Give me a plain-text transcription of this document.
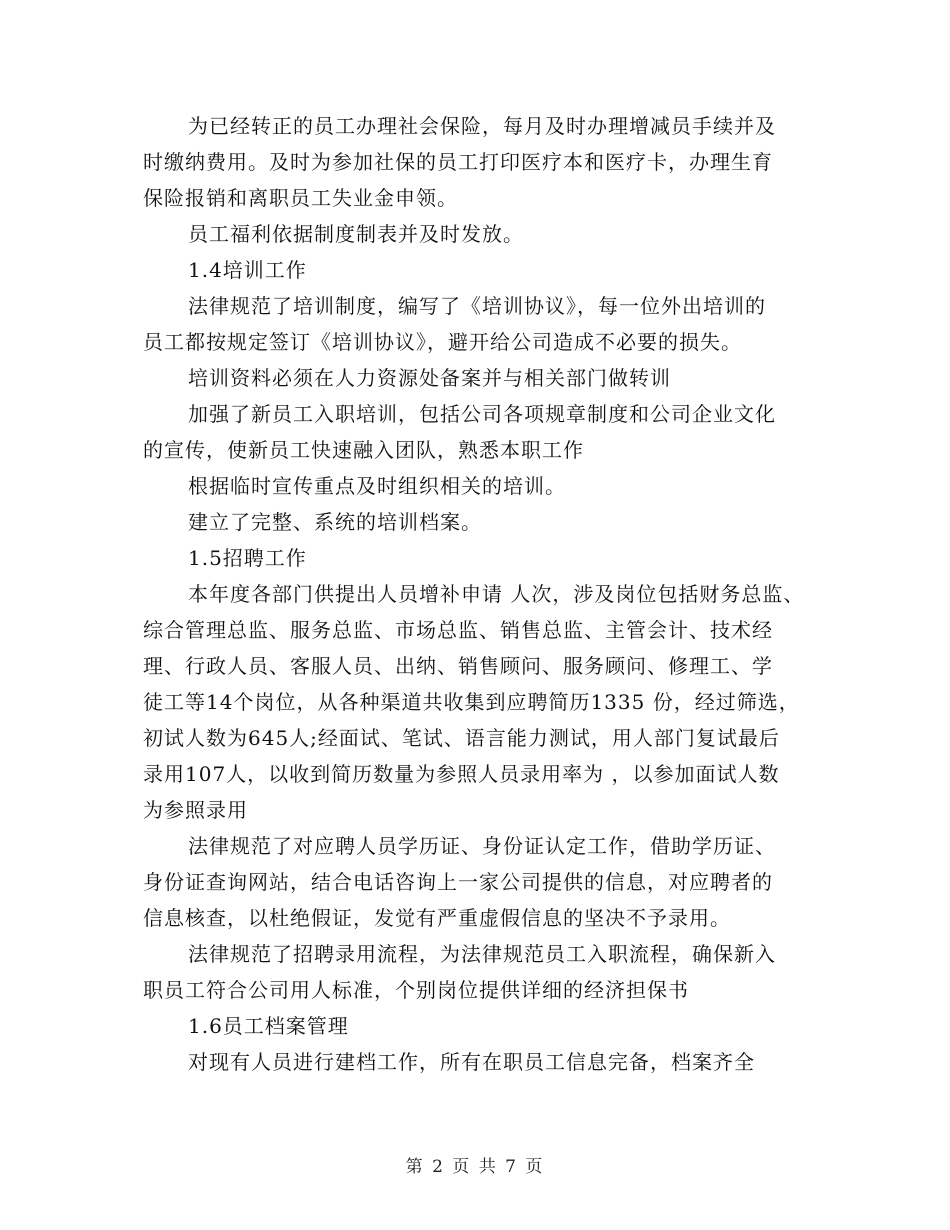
为已经转正的员工办理社会保险，每月及时办理增减员手续并及
时缴纳费用。及时为参加社保的员工打印医疗本和医疗卡，办理生育
保险报销和离职员工失业金申领。
员工福利依据制度制表并及时发放。
1.4培训工作
法律规范了培训制度，编写了《培训协议》，每一位外出培训的
员工都按规定签订《培训协议》，避开给公司造成不必要的损失。
培训资料必须在人力资源处备案并与相关部门做转训
加强了新员工入职培训，包括公司各项规章制度和公司企业文化
的宣传，使新员工快速融入团队，熟悉本职工作
根据临时宣传重点及时组织相关的培训。
建立了完整、系统的培训档案。
1.5招聘工作
本年度各部门供提出人员增补申请 人次，涉及岗位包括财务总监、
综合管理总监、服务总监、市场总监、销售总监、主管会计、技术经
理、行政人员、客服人员、出纳、销售顾问、服务顾问、修理工、学
徒工等14个岗位，从各种渠道共收集到应聘简历1335 份，经过筛选，
初试人数为645人;经面试、笔试、语言能力测试，用人部门复试最后
录用107人，以收到简历数量为参照人员录用率为 ，以参加面试人数
为参照录用
法律规范了对应聘人员学历证、身份证认定工作，借助学历证、
身份证查询网站，结合电话咨询上一家公司提供的信息，对应聘者的
信息核查，以杜绝假证，发觉有严重虚假信息的坚决不予录用。
法律规范了招聘录用流程，为法律规范员工入职流程，确保新入
职员工符合公司用人标准，个别岗位提供详细的经济担保书
1.6员工档案管理
对现有人员进行建档工作，所有在职员工信息完备，档案齐全
第 2 页 共 7 页
